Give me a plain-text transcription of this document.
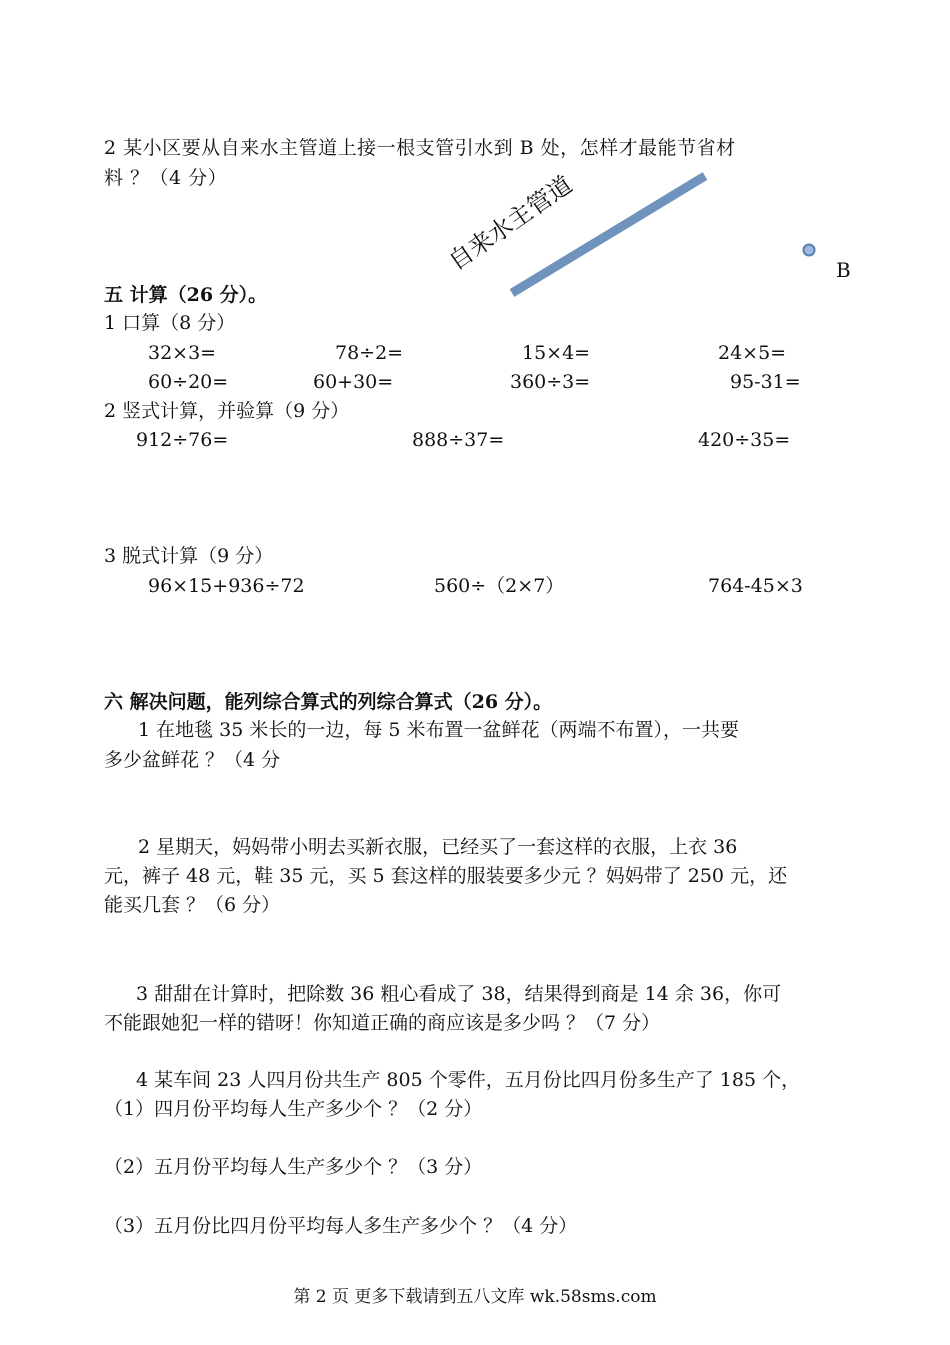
自来水主管道	B
2 某小区要从自来水主管道上接一根支管引水到 B 处，怎样才最能节省材
料 ？（4 分）
五 计算（26 分）。
1 口算（8 分）
32×3=	78÷2=	15×4=	24×5=
60÷20=	60+30=	360÷3=	95-31=
2 竖式计算，并验算（9 分）
912÷76=	888÷37=	420÷35=
3 脱式计算（9 分）
96×15+936÷72	560÷（2×7）	764-45×3
六 解决问题，能列综合算式的列综合算式（26 分）。
1 在地毯 35 米长的一边，每 5 米布置一盆鲜花（两端不布置），一共要
多少盆鲜花 ？（4 分
2 星期天，妈妈带小明去买新衣服，已经买了一套这样的衣服，上衣 36
元，裤子 48 元，鞋 35 元，买 5 套这样的服装要多少元 ？妈妈带了 250 元，还
能买几套 ？（6 分）
3 甜甜在计算时，把除数 36 粗心看成了 38，结果得到商是 14 余 36，你可
不能跟她犯一样的错呀！你知道正确的商应该是多少吗 ？（7 分）
4 某车间 23 人四月份共生产 805 个零件，五月份比四月份多生产了 185 个，
（1）四月份平均每人生产多少个 ？（2 分）
（2）五月份平均每人生产多少个 ？（3 分）
（3）五月份比四月份平均每人多生产多少个 ？（4 分）
第 2 页 更多下载请到五八文库 wk.58sms.com
